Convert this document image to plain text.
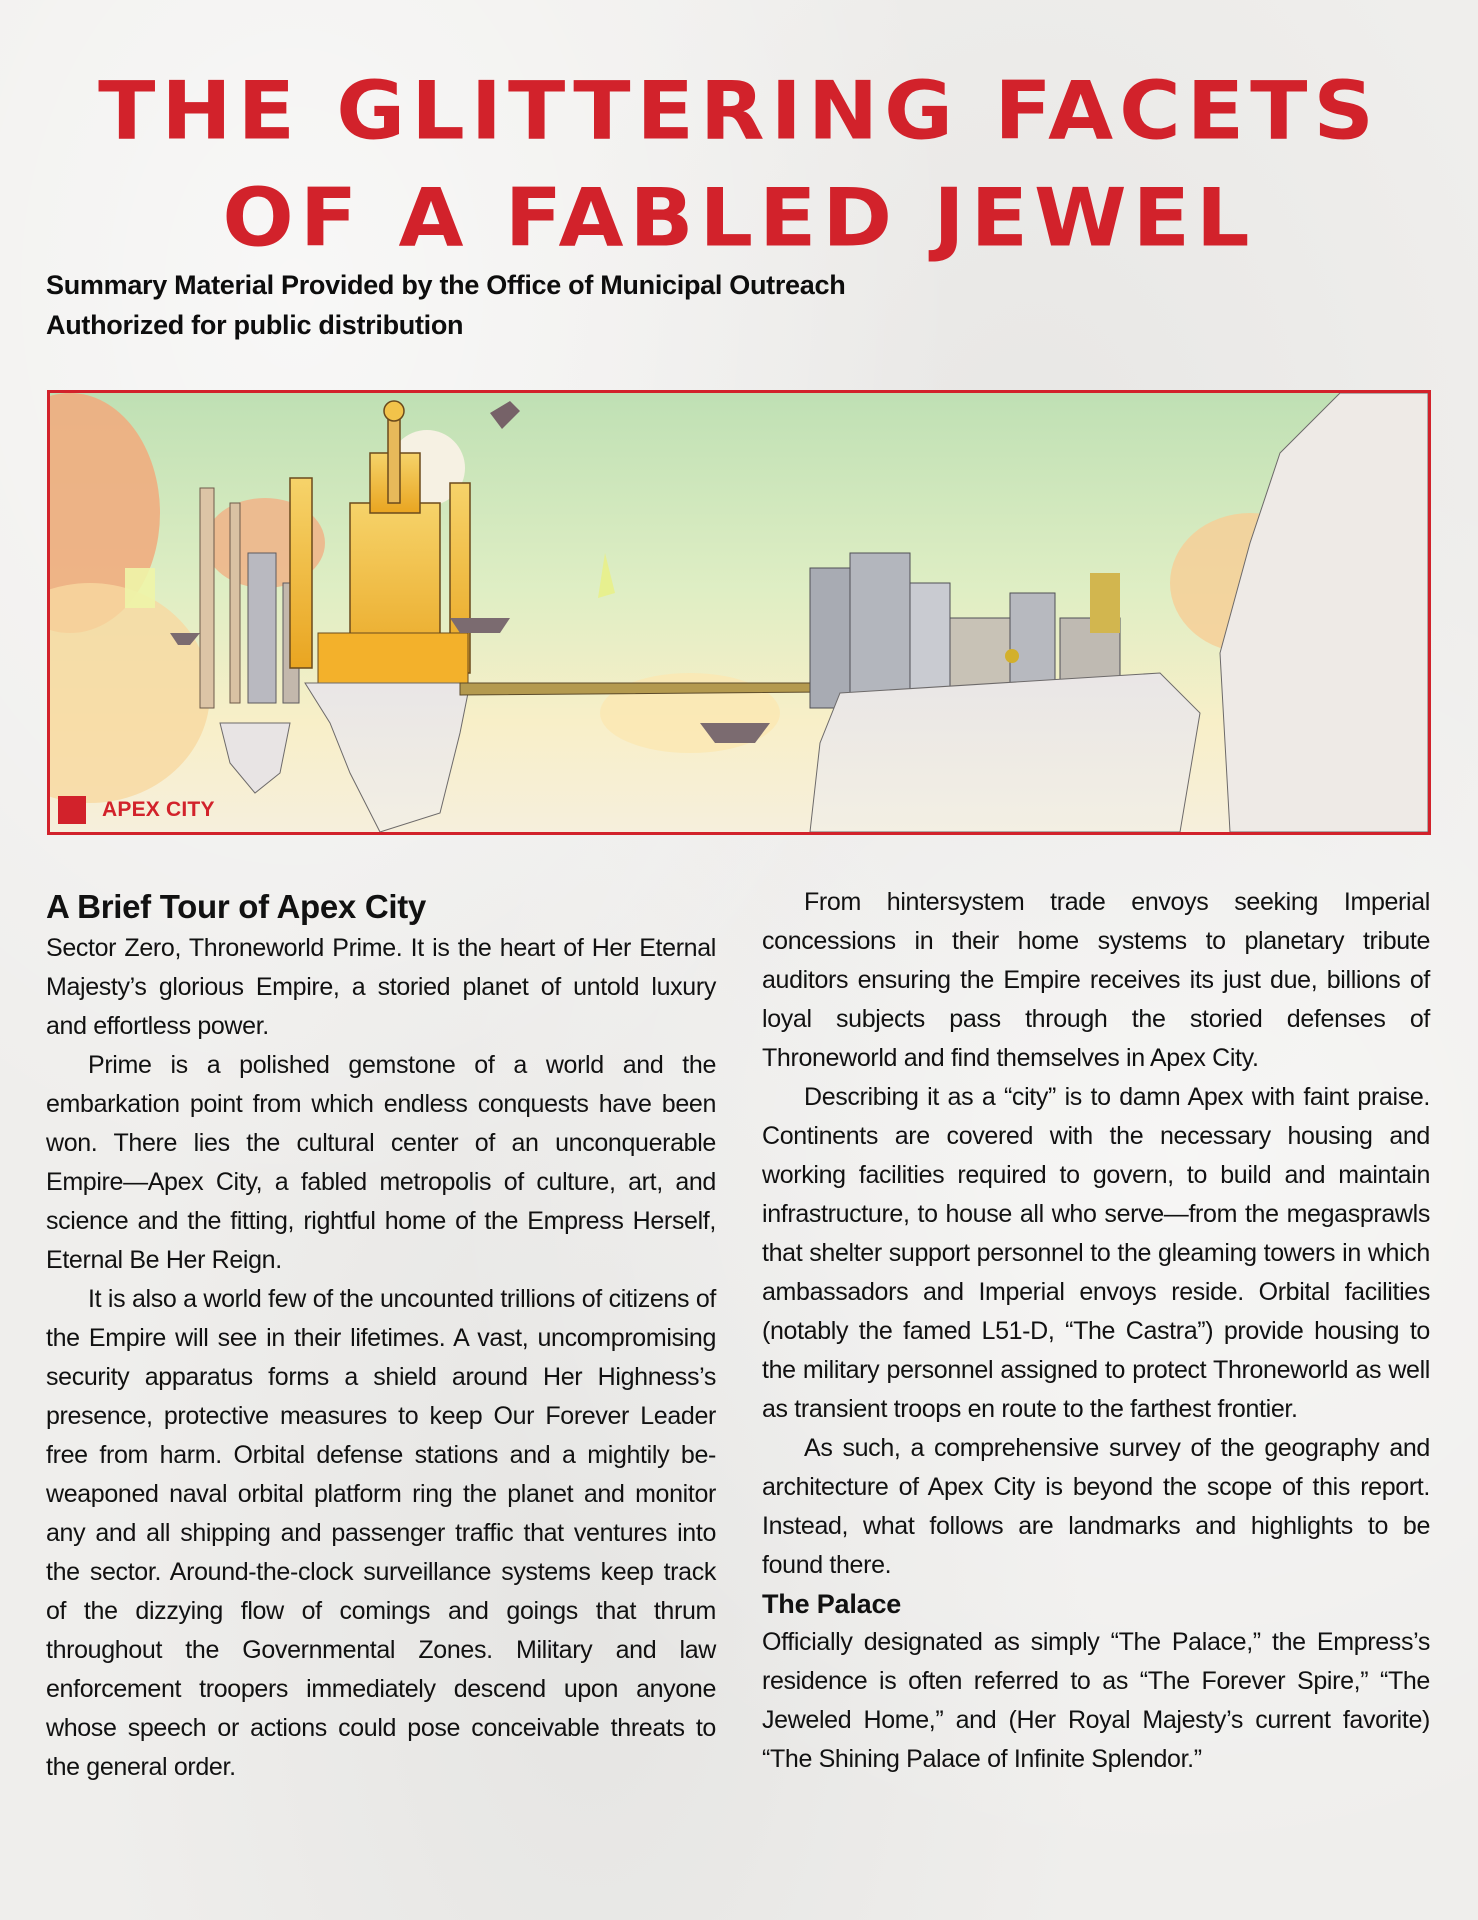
THE GLITTERING FACETS
OF A FABLED JEWEL
Summary Material Provided by the Office of Municipal Outreach
Authorized for public distribution
APEX CITY
A Brief Tour of Apex City

Sector Zero, Throneworld Prime. It is the heart of Her Eternal Majesty’s glorious Empire, a storied planet of untold luxury and effortless power.

Prime is a polished gemstone of a world and the embarkation point from which endless conquests have been won. There lies the cultural center of an unconquerable Empire—Apex City, a fabled metropolis of culture, art, and science and the fitting, rightful home of the Empress Herself, Eternal Be Her Reign.

It is also a world few of the uncounted trillions of citizens of the Empire will see in their lifetimes. A vast, uncompromising security apparatus forms a shield around Her Highness’s presence, protective measures to keep Our Forever Leader free from harm. Orbital defense stations and a mightily be-weaponed naval orbital platform ring the planet and monitor any and all shipping and passenger traffic that ventures into the sector. Around-the-clock surveillance systems keep track of the dizzying flow of comings and goings that thrum throughout the Governmental Zones. Military and law enforcement troopers immediately descend upon anyone whose speech or actions could pose conceivable threats to the general order.

From hintersystem trade envoys seeking Imperial concessions in their home systems to planetary tribute auditors ensuring the Empire receives its just due, billions of loyal subjects pass through the storied defenses of Throneworld and find themselves in Apex City.

Describing it as a “city” is to damn Apex with faint praise. Continents are covered with the necessary housing and working facilities required to govern, to build and maintain infrastructure, to house all who serve—from the megasprawls that shelter support personnel to the gleaming towers in which ambassadors and Imperial envoys reside. Orbital facilities (notably the famed L51-D, “The Castra”) provide housing to the military personnel assigned to protect Throneworld as well as transient troops en route to the farthest frontier.

As such, a comprehensive survey of the geography and architecture of Apex City is beyond the scope of this report. Instead, what follows are landmarks and highlights to be found there.

The Palace

Officially designated as simply “The Palace,” the Empress’s residence is often referred to as “The Forever Spire,” “The Jeweled Home,” and (Her Royal Majesty’s current favorite) “The Shining Palace of Infinite Splendor.”
